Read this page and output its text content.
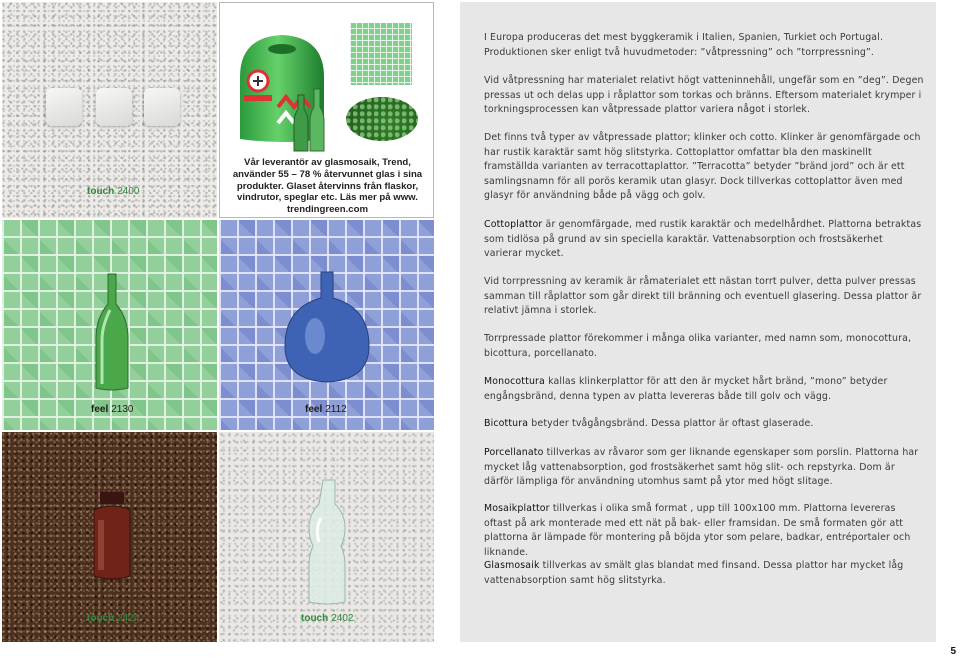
touch 2400
Vår leverantör av glasmosaik, Trend, använder 55 – 78 % återvunnet glas i sina produkter. Glaset återvinns från flaskor, vindrutor, speglar etc. Läs mer på www. trendingreen.com
feel 2130	feel 2112
touch 2424	touch 2402

I Europa produceras det mest byggkeramik i Italien, Spanien, Turkiet och Portugal. Produktionen sker enligt två huvudmetoder: ”våtpressning” och ”torrpressning”.

Vid våtpressning har materialet relativt högt vatteninnehåll, ungefär som en ”deg”. Degen pressas ut och delas upp i råplattor som torkas och bränns. Eftersom materialet krymper i torkningsprocessen kan våtpressade plattor variera något i storlek.

Det finns två typer av våtpressade plattor; klinker och cotto. Klinker är genomfärgade och har rustik karaktär samt hög slitstyrka. Cottoplattor omfattar bla den maskinellt framställda varianten av terracottaplattor. ”Terracotta” betyder ”bränd jord” och är ett samlingsnamn för all porös keramik utan glasyr. Dock tillverkas cottoplattor även med glasyr för användning både på vägg och golv.

Cottoplattor är genomfärgade, med rustik karaktär och medelhårdhet. Plattorna betraktas som tidlösa på grund av sin speciella karaktär. Vattenabsorption och frostsäkerhet varierar mycket.

Vid torrpressning av keramik är råmaterialet ett nästan torrt pulver, detta pulver pressas samman till råplattor som går direkt till bränning och eventuell glasering. Dessa plattor är relativt jämna i storlek.

Torrpressade plattor förekommer i många olika varianter, med namn som, monocottura, bicottura, porcellanato.

Monocottura kallas klinkerplattor för att den är mycket hårt bränd, ”mono” betyder engångsbränd, denna typen av platta levereras både till golv och vägg.

Bicottura betyder tvågångsbränd. Dessa plattor är oftast glaserade.

Porcellanato tillverkas av råvaror som ger liknande egenskaper som porslin. Plattorna har mycket låg vattenabsorption, god frostsäkerhet samt hög slit- och repstyrka. Dom är därför lämpliga för användning utomhus samt på ytor med högt slitage.

Mosaikplattor tillverkas i olika små format , upp till 100x100 mm. Plattorna levereras oftast på ark monterade med ett nät på bak- eller framsidan. De små formaten gör att plattorna är lämpade för montering på böjda ytor som pelare, badkar, entréportaler och liknande.

Glasmosaik tillverkas av smält glas blandat med finsand. Dessa plattor har mycket låg vattenabsorption samt hög slitstyrka.

5
